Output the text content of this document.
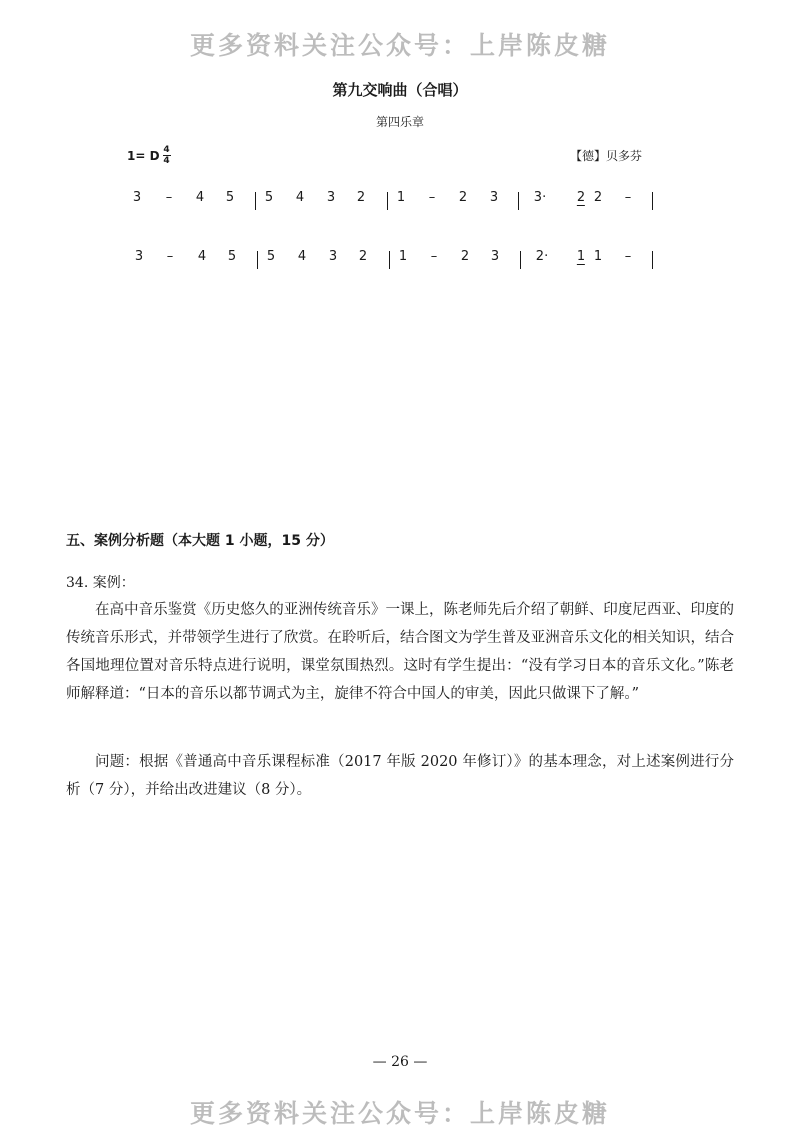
更多资料关注公众号：上岸陈皮糖
第九交响曲（合唱）
第四乐章
1= D 4
4	【德】贝多芬
3 – 4 5 5 4 3 2 1 – 2 3	3· 2 2 –
3 – 4 5 5 4 3 2 1 – 2 3	2· 1 1 –
五、案例分析题（本大题 1 小题，15 分）
34. 案例：
在高中音乐鉴赏《历史悠久的亚洲传统音乐》一课上，陈老师先后介绍了朝鲜、印度尼西亚、印度的传统音乐形式，并带领学生进行了欣赏。在聆听后，结合图文为学生普及亚洲音乐文化的相关知识，结合各国地理位置对音乐特点进行说明，课堂氛围热烈。这时有学生提出：“没有学习日本的音乐文化。”陈老师解释道：“日本的音乐以都节调式为主，旋律不符合中国人的审美，因此只做课下了解。”
问题：根据《普通高中音乐课程标准（2017 年版 2020 年修订）》的基本理念，对上述案例进行分析（7 分），并给出改进建议（8 分）。
— 26 —
更多资料关注公众号：上岸陈皮糖
